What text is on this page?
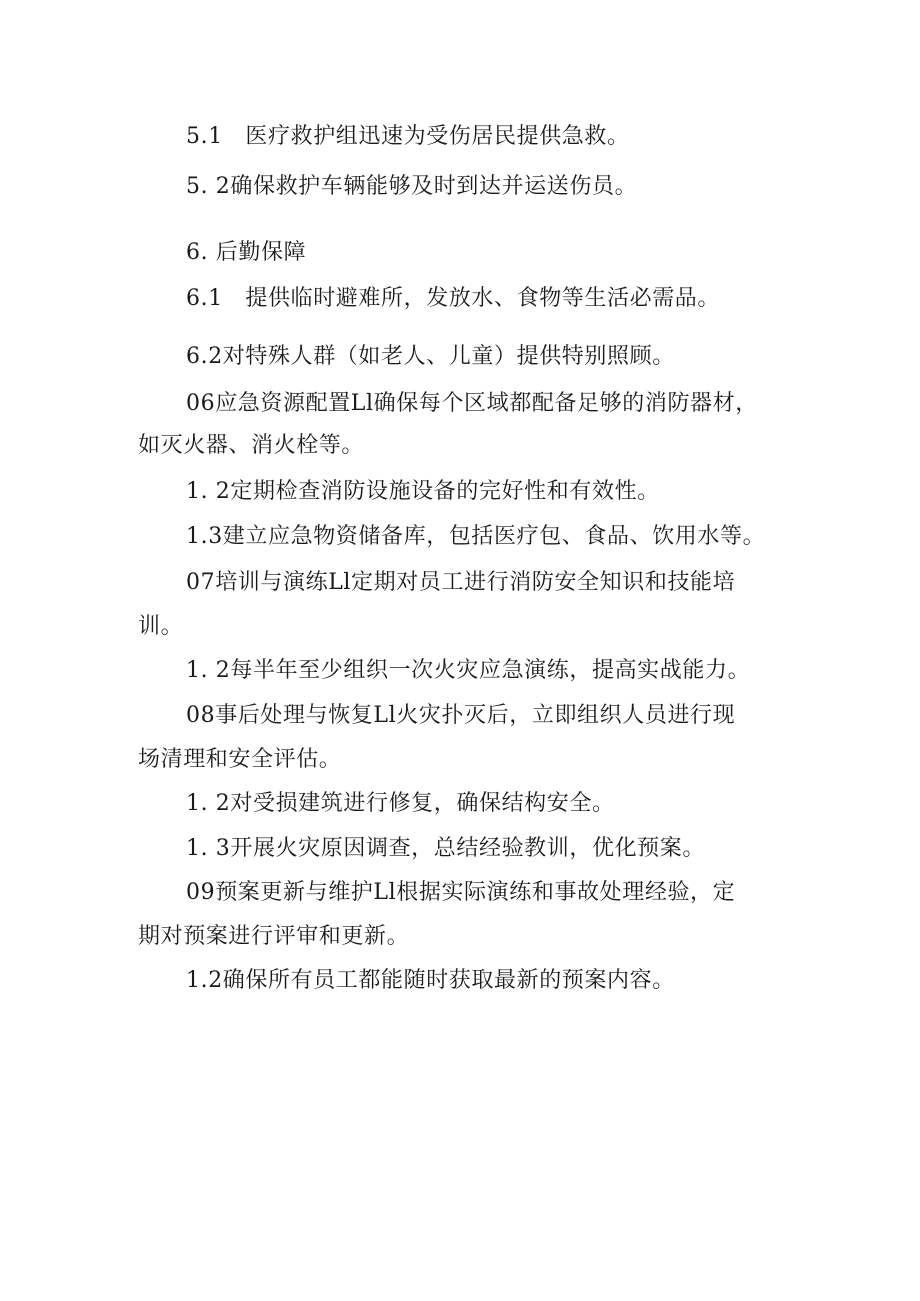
5.1　医疗救护组迅速为受伤居民提供急救。
5. 2确保救护车辆能够及时到达并运送伤员。
6. 后勤保障
6.1　提供临时避难所，发放水、食物等生活必需品。
6.2对特殊人群（如老人、儿童）提供特别照顾。
06应急资源配置Ll确保每个区域都配备足够的消防器材，
如灭火器、消火栓等。
1. 2定期检查消防设施设备的完好性和有效性。
1.3建立应急物资储备库，包括医疗包、食品、饮用水等。
07培训与演练Ll定期对员工进行消防安全知识和技能培
训。
1. 2每半年至少组织一次火灾应急演练，提高实战能力。
08事后处理与恢复Ll火灾扑灭后，立即组织人员进行现
场清理和安全评估。
1. 2对受损建筑进行修复，确保结构安全。
1. 3开展火灾原因调查，总结经验教训，优化预案。
09预案更新与维护Ll根据实际演练和事故处理经验，定
期对预案进行评审和更新。
1.2确保所有员工都能随时获取最新的预案内容。
